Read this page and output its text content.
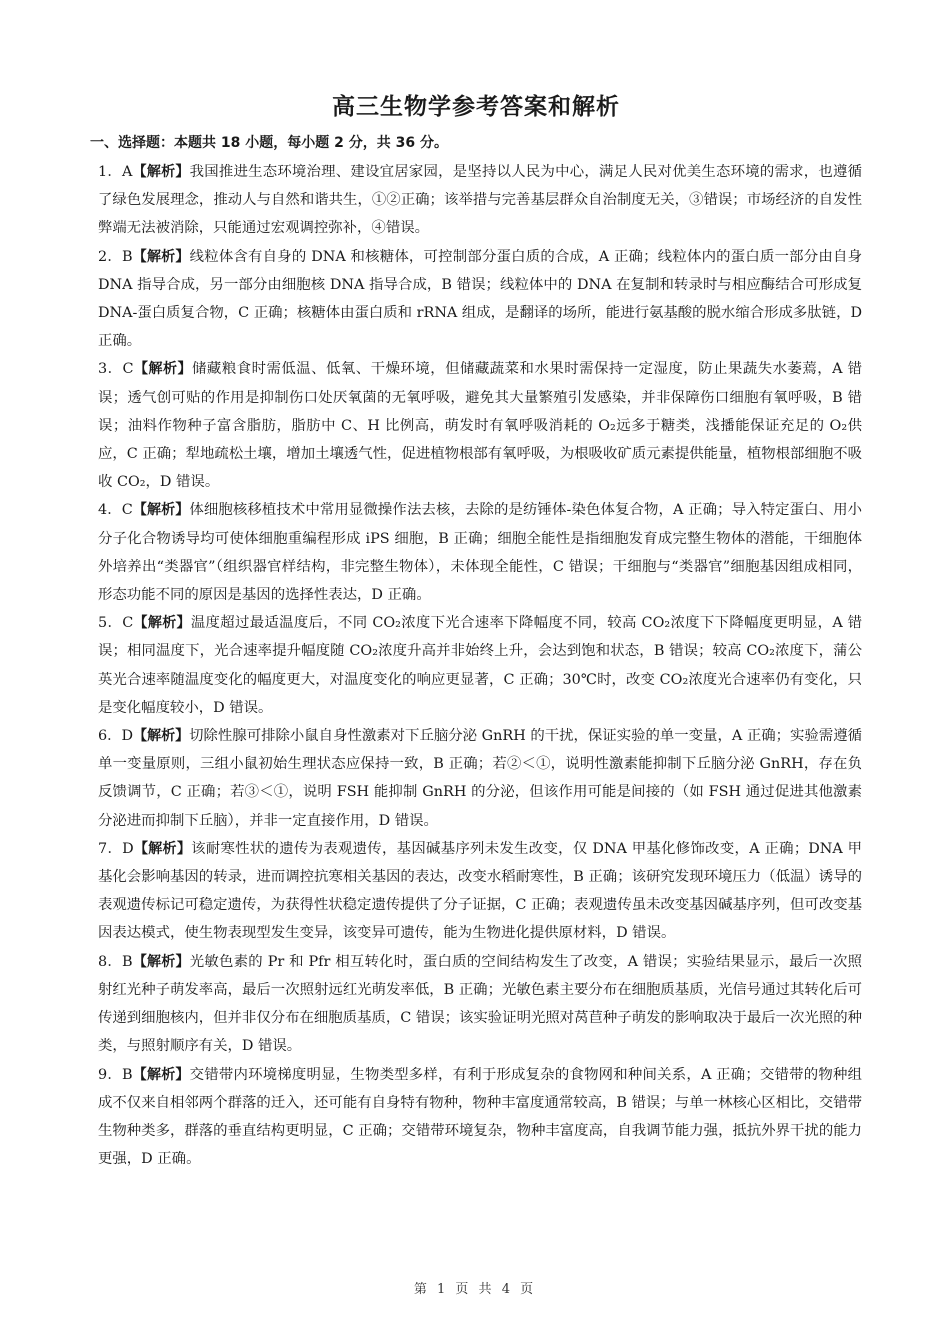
高三生物学参考答案和解析
一、选择题：本题共 18 小题，每小题 2 分，共 36 分。

1．A【解析】我国推进生态环境治理、建设宜居家园，是坚持以人民为中心，满足人民对优美生态环境的需求，也遵循了绿色发展理念，推动人与自然和谐共生，①②正确；该举措与完善基层群众自治制度无关，③错误；市场经济的自发性弊端无法被消除，只能通过宏观调控弥补，④错误。

2．B【解析】线粒体含有自身的 DNA 和核糖体，可控制部分蛋白质的合成，A 正确；线粒体内的蛋白质一部分由自身 DNA 指导合成，另一部分由细胞核 DNA 指导合成，B 错误；线粒体中的 DNA 在复制和转录时与相应酶结合可形成复 DNA-蛋白质复合物，C 正确；核糖体由蛋白质和 rRNA 组成，是翻译的场所，能进行氨基酸的脱水缩合形成多肽链，D 正确。

3．C【解析】储藏粮食时需低温、低氧、干燥环境，但储藏蔬菜和水果时需保持一定湿度，防止果蔬失水萎蔫，A 错误；透气创可贴的作用是抑制伤口处厌氧菌的无氧呼吸，避免其大量繁殖引发感染，并非保障伤口细胞有氧呼吸，B 错误；油料作物种子富含脂肪，脂肪中 C、H 比例高，萌发时有氧呼吸消耗的 O₂远多于糖类，浅播能保证充足的 O₂供应，C 正确；犁地疏松土壤，增加土壤透气性，促进植物根部有氧呼吸，为根吸收矿质元素提供能量，植物根部细胞不吸收 CO₂，D 错误。

4．C【解析】体细胞核移植技术中常用显微操作法去核，去除的是纺锤体-染色体复合物，A 正确；导入特定蛋白、用小分子化合物诱导均可使体细胞重编程形成 iPS 细胞，B 正确；细胞全能性是指细胞发育成完整生物体的潜能，干细胞体外培养出“类器官”（组织器官样结构，非完整生物体），未体现全能性，C 错误；干细胞与“类器官”细胞基因组成相同，形态功能不同的原因是基因的选择性表达，D 正确。

5．C【解析】温度超过最适温度后，不同 CO₂浓度下光合速率下降幅度不同，较高 CO₂浓度下下降幅度更明显，A 错误；相同温度下，光合速率提升幅度随 CO₂浓度升高并非始终上升，会达到饱和状态，B 错误；较高 CO₂浓度下，蒲公英光合速率随温度变化的幅度更大，对温度变化的响应更显著，C 正确；30℃时，改变 CO₂浓度光合速率仍有变化，只是变化幅度较小，D 错误。

6．D【解析】切除性腺可排除小鼠自身性激素对下丘脑分泌 GnRH 的干扰，保证实验的单一变量，A 正确；实验需遵循单一变量原则，三组小鼠初始生理状态应保持一致，B 正确；若②＜①，说明性激素能抑制下丘脑分泌 GnRH，存在负反馈调节，C 正确；若③＜①，说明 FSH 能抑制 GnRH 的分泌，但该作用可能是间接的（如 FSH 通过促进其他激素分泌进而抑制下丘脑），并非一定直接作用，D 错误。

7．D【解析】该耐寒性状的遗传为表观遗传，基因碱基序列未发生改变，仅 DNA 甲基化修饰改变，A 正确；DNA 甲基化会影响基因的转录，进而调控抗寒相关基因的表达，改变水稻耐寒性，B 正确；该研究发现环境压力（低温）诱导的表观遗传标记可稳定遗传，为获得性状稳定遗传提供了分子证据，C 正确；表观遗传虽未改变基因碱基序列，但可改变基因表达模式，使生物表现型发生变异，该变异可遗传，能为生物进化提供原材料，D 错误。

8．B【解析】光敏色素的 Pr 和 Pfr 相互转化时，蛋白质的空间结构发生了改变，A 错误；实验结果显示，最后一次照射红光种子萌发率高，最后一次照射远红光萌发率低，B 正确；光敏色素主要分布在细胞质基质，光信号通过其转化后可传递到细胞核内，但并非仅分布在细胞质基质，C 错误；该实验证明光照对莴苣种子萌发的影响取决于最后一次光照的种类，与照射顺序有关，D 错误。

9．B【解析】交错带内环境梯度明显，生物类型多样，有利于形成复杂的食物网和种间关系，A 正确；交错带的物种组成不仅来自相邻两个群落的迁入，还可能有自身特有物种，物种丰富度通常较高，B 错误；与单一林核心区相比，交错带生物种类多，群落的垂直结构更明显，C 正确；交错带环境复杂，物种丰富度高，自我调节能力强，抵抗外界干扰的能力更强，D 正确。

第 1 页 共 4 页
